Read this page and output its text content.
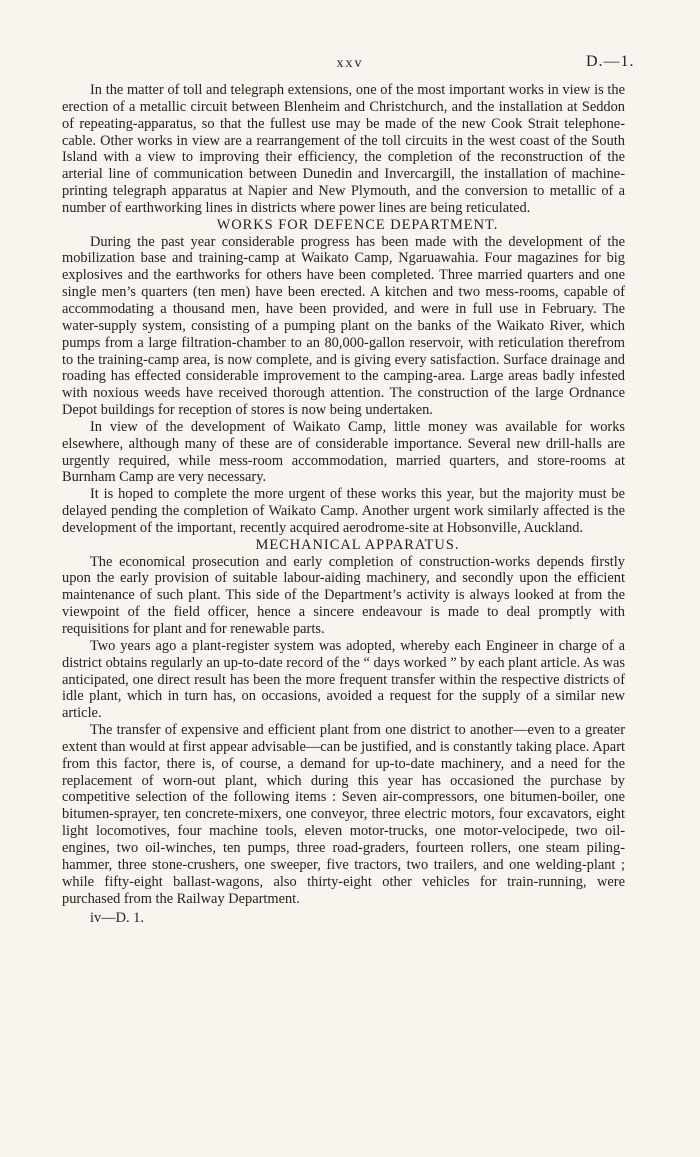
xxv	D.—1.

In the matter of toll and telegraph extensions, one of the most important works in view is the erection of a metallic circuit between Blenheim and Christchurch, and the installation at Seddon of repeating-apparatus, so that the fullest use may be made of the new Cook Strait telephone-cable. Other works in view are a rearrangement of the toll circuits in the west coast of the South Island with a view to improving their efficiency, the completion of the reconstruction of the arterial line of communication between Dunedin and Invercargill, the installation of machine-printing telegraph apparatus at Napier and New Plymouth, and the conversion to metallic of a number of earthworking lines in districts where power lines are being reticulated.

WORKS FOR DEFENCE DEPARTMENT.

During the past year considerable progress has been made with the development of the mobilization base and training-camp at Waikato Camp, Ngaruawahia. Four magazines for big explosives and the earthworks for others have been completed. Three married quarters and one single men’s quarters (ten men) have been erected. A kitchen and two mess-rooms, capable of accommodating a thousand men, have been provided, and were in full use in February. The water-supply system, consisting of a pumping plant on the banks of the Waikato River, which pumps from a large filtration-chamber to an 80,000-gallon reservoir, with reticulation therefrom to the training-camp area, is now complete, and is giving every satisfaction. Surface drainage and roading has effected considerable improvement to the camping-area. Large areas badly infested with noxious weeds have received thorough attention. The construction of the large Ordnance Depot buildings for reception of stores is now being undertaken.

In view of the development of Waikato Camp, little money was available for works elsewhere, although many of these are of considerable importance. Several new drill-halls are urgently required, while mess-room accommodation, married quarters, and store-rooms at Burnham Camp are very necessary.

It is hoped to complete the more urgent of these works this year, but the majority must be delayed pending the completion of Waikato Camp. Another urgent work similarly affected is the development of the important, recently acquired aerodrome-site at Hobsonville, Auckland.

MECHANICAL APPARATUS.

The economical prosecution and early completion of construction-works depends firstly upon the early provision of suitable labour-aiding machinery, and secondly upon the efficient maintenance of such plant. This side of the Department’s activity is always looked at from the viewpoint of the field officer, hence a sincere endeavour is made to deal promptly with requisitions for plant and for renewable parts.

Two years ago a plant-register system was adopted, whereby each Engineer in charge of a district obtains regularly an up-to-date record of the “ days worked ” by each plant article. As was anticipated, one direct result has been the more frequent transfer within the respective districts of idle plant, which in turn has, on occasions, avoided a request for the supply of a similar new article.

The transfer of expensive and efficient plant from one district to another—even to a greater extent than would at first appear advisable—can be justified, and is constantly taking place. Apart from this factor, there is, of course, a demand for up-to-date machinery, and a need for the replacement of worn-out plant, which during this year has occasioned the purchase by competitive selection of the following items : Seven air-compressors, one bitumen-boiler, one bitumen-sprayer, ten concrete-mixers, one conveyor, three electric motors, four excavators, eight light locomotives, four machine tools, eleven motor-trucks, one motor-velocipede, two oil-engines, two oil-winches, ten pumps, three road-graders, fourteen rollers, one steam piling-hammer, three stone-crushers, one sweeper, five tractors, two trailers, and one welding-plant ; while fifty-eight ballast-wagons, also thirty-eight other vehicles for train-running, were purchased from the Railway Department.

iv—D. 1.
